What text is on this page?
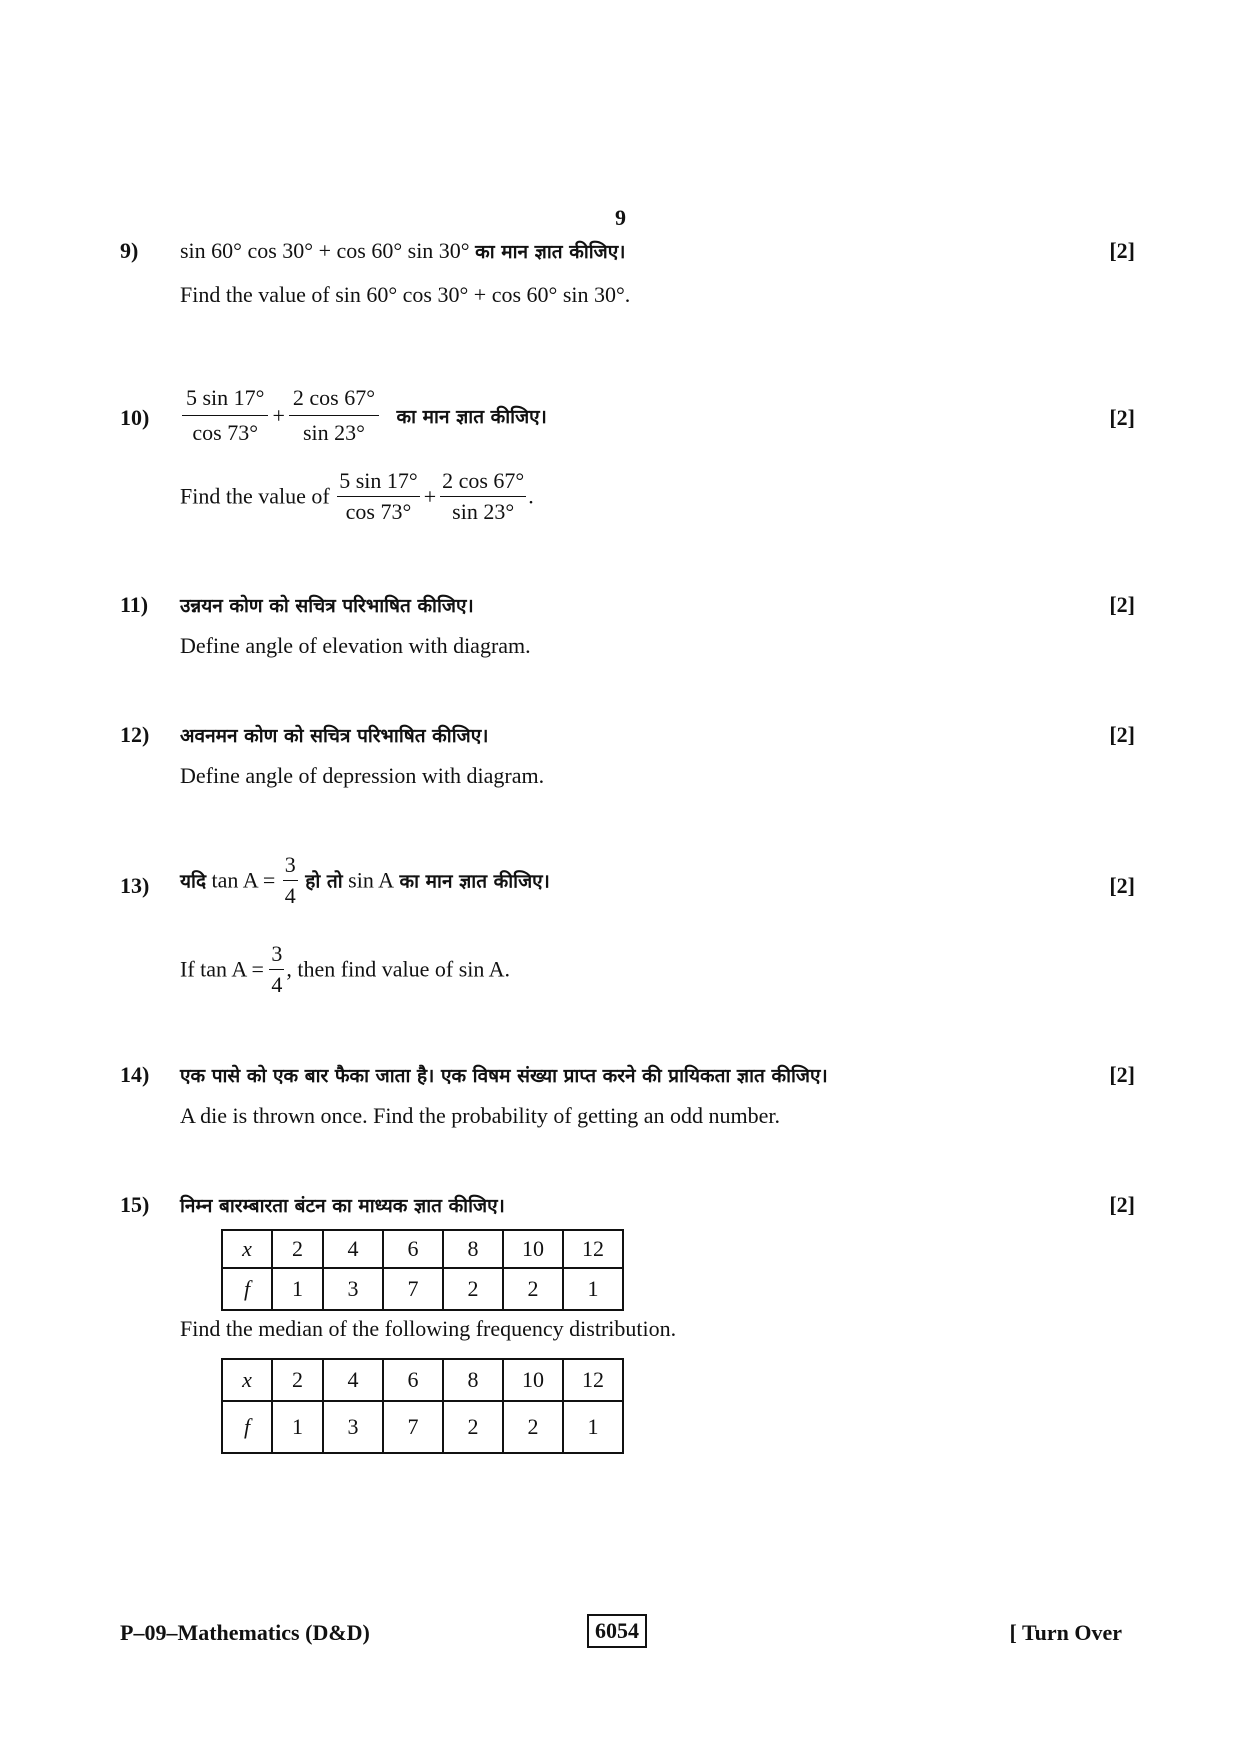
9
9) sin 60° cos 30° + cos 60° sin 30° का मान ज्ञात कीजिए।	[2]
Find the value of sin 60° cos 30° + cos 60° sin 30°.
$10) \frac{5 \sin 17^\circ}{\cos 73^\circ} + \frac{2 \cos 67^\circ}{\sin 23^\circ}$ का मान ज्ञात कीजिए।	[2]
Find the value of $\frac{5 \sin 17^\circ}{\cos 73^\circ} + \frac{2 \cos 67^\circ}{\sin 23^\circ}$ .
11) उन्नयन कोण को सचित्र परिभाषित कीजिए।	[2]
Define angle of elevation with diagram.
12) अवनमन कोण को सचित्र परिभाषित कीजिए।	[2]
Define angle of depression with diagram.
13) यदि $\tan A = \frac{3}{4}$ हो तो sin A का मान ज्ञात कीजिए।	[2]
If $\tan A = \frac{3}{4}$ , then find value of sin A.
14) एक पासे को एक बार फैका जाता है। एक विषम संख्या प्राप्त करने की प्रायिकता ज्ञात कीजिए।	[2]
A die is thrown once. Find the probability of getting an odd number.
15) निम्न बारम्बारता बंटन का माध्यक ज्ञात कीजिए।	[2]
x	2	4	6	8	10	12
f	1	3	7	2	2	1
Find the median of the following frequency distribution.
x	2	4	6	8	10	12
f	1	3	7	2	2	1
P–09–Mathematics (D&D)	6054	[ Turn Over
